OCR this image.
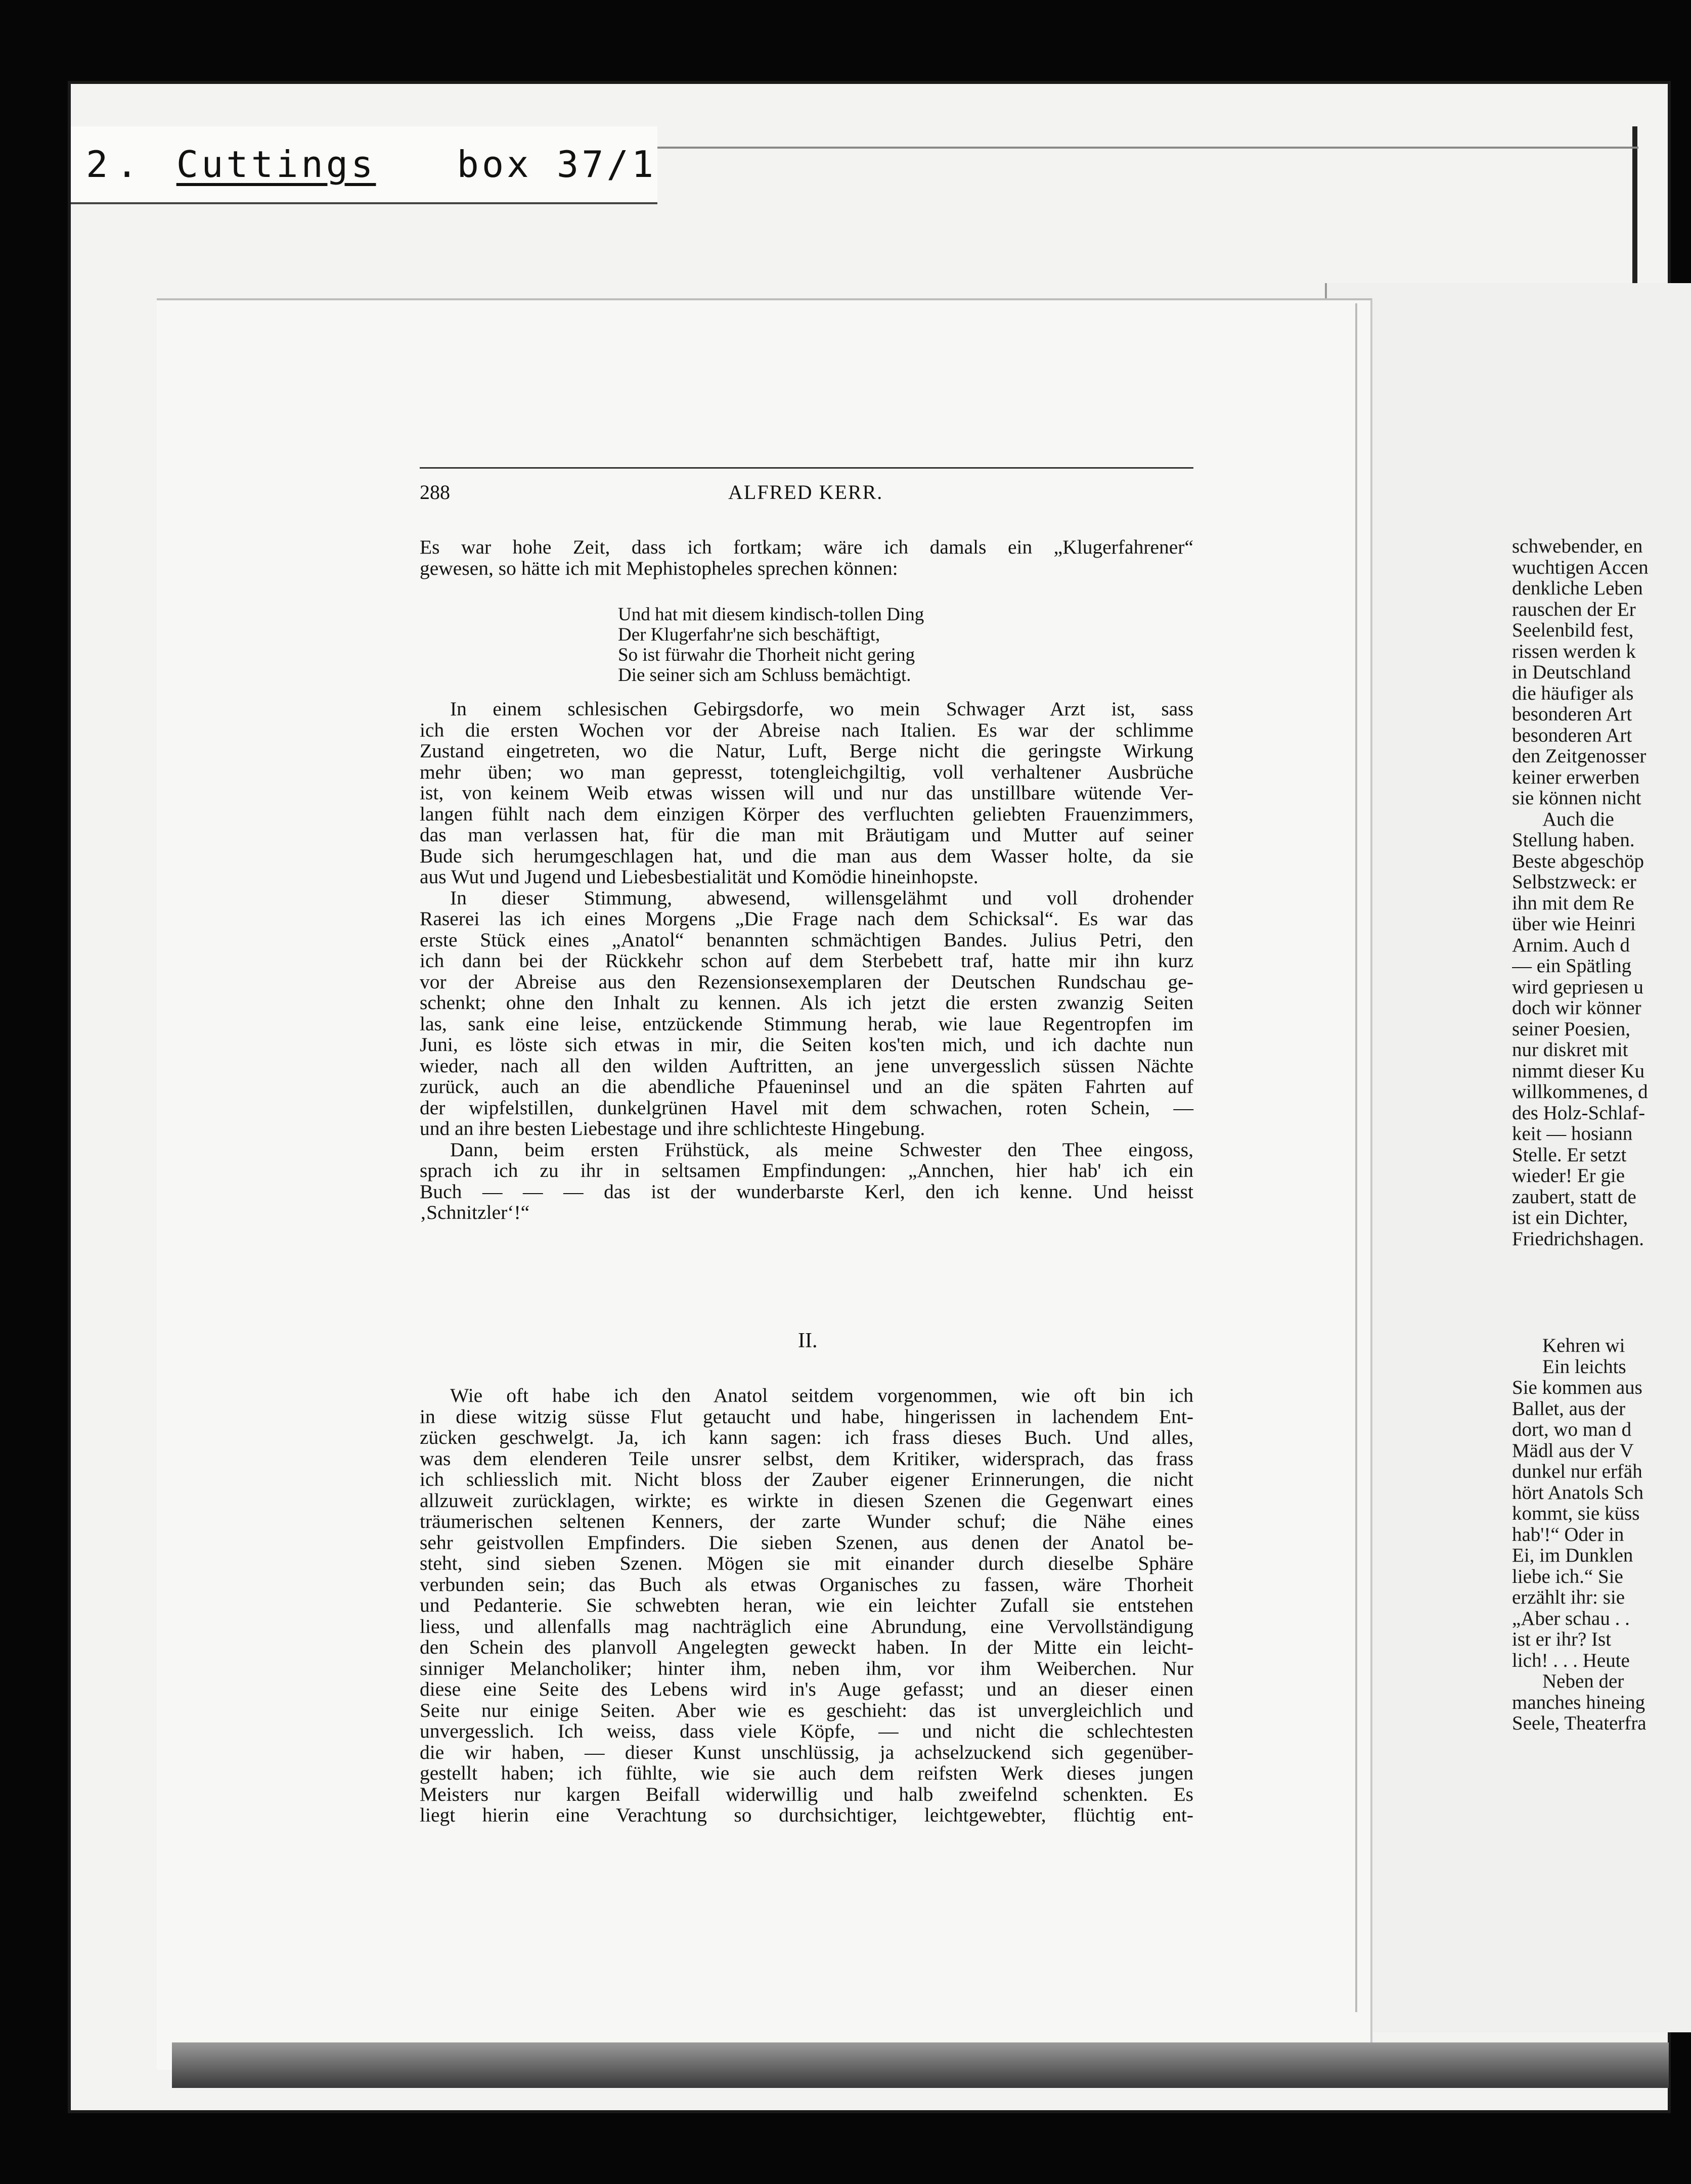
2 . Cuttings box 37/1
schwebender, en
wuchtigen Accen
denkliche Leben
rauschen der Er
Seelenbild fest,
rissen werden k
in Deutschland
die häufiger als
besonderen Art
besonderen Art
den Zeitgenosser
keiner erwerben
sie können nicht
Auch die
Stellung haben.
Beste abgeschöp
Selbstzweck: er
ihn mit dem Re
über wie Heinri
Arnim. Auch d
— ein Spätling
wird gepriesen u
doch wir könner
seiner Poesien,
nur diskret mit
nimmt dieser Ku
willkommenes, d
des Holz-Schlaf-
keit — hosiann
Stelle. Er setzt
wieder! Er gie
zaubert, statt de
ist ein Dichter,
Friedrichshagen.
Kehren wi
Ein leichts
Sie kommen aus
Ballet, aus der
dort, wo man d
Mädl aus der V
dunkel nur erfäh
hört Anatols Sch
kommt, sie küss
hab'!“ Oder in
Ei, im Dunklen
liebe ich.“ Sie
erzählt ihr: sie
„Aber schau . .
ist er ihr? Ist
lich! . . . Heute
Neben der
manches hineing
Seele, Theaterfra
288	ALFRED KERR.
Es war hohe Zeit, dass ich fortkam; wäre ich damals ein „Klugerfahrener“
gewesen, so hätte ich mit Mephistopheles sprechen können:
Und hat mit diesem kindisch-tollen Ding
Der Klugerfahr'ne sich beschäftigt,
So ist fürwahr die Thorheit nicht gering
Die seiner sich am Schluss bemächtigt.
In einem schlesischen Gebirgsdorfe, wo mein Schwager Arzt ist, sass
ich die ersten Wochen vor der Abreise nach Italien. Es war der schlimme
Zustand eingetreten, wo die Natur, Luft, Berge nicht die geringste Wirkung
mehr üben; wo man gepresst, totengleichgiltig, voll verhaltener Ausbrüche
ist, von keinem Weib etwas wissen will und nur das unstillbare wütende Ver-
langen fühlt nach dem einzigen Körper des verfluchten geliebten Frauenzimmers,
das man verlassen hat, für die man mit Bräutigam und Mutter auf seiner
Bude sich herumgeschlagen hat, und die man aus dem Wasser holte, da sie
aus Wut und Jugend und Liebesbestialität und Komödie hineinhopste.
In dieser Stimmung, abwesend, willensgelähmt und voll drohender
Raserei las ich eines Morgens „Die Frage nach dem Schicksal“. Es war das
erste Stück eines „Anatol“ benannten schmächtigen Bandes. Julius Petri, den
ich dann bei der Rückkehr schon auf dem Sterbebett traf, hatte mir ihn kurz
vor der Abreise aus den Rezensionsexemplaren der Deutschen Rundschau ge-
schenkt; ohne den Inhalt zu kennen. Als ich jetzt die ersten zwanzig Seiten
las, sank eine leise, entzückende Stimmung herab, wie laue Regentropfen im
Juni, es löste sich etwas in mir, die Seiten kos'ten mich, und ich dachte nun
wieder, nach all den wilden Auftritten, an jene unvergesslich süssen Nächte
zurück, auch an die abendliche Pfaueninsel und an die späten Fahrten auf
der wipfelstillen, dunkelgrünen Havel mit dem schwachen, roten Schein, —
und an ihre besten Liebestage und ihre schlichteste Hingebung.
Dann, beim ersten Frühstück, als meine Schwester den Thee eingoss,
sprach ich zu ihr in seltsamen Empfindungen: „Annchen, hier hab' ich ein
Buch — — — das ist der wunderbarste Kerl, den ich kenne. Und heisst
‚Schnitzler‘!“
II.
Wie oft habe ich den Anatol seitdem vorgenommen, wie oft bin ich
in diese witzig süsse Flut getaucht und habe, hingerissen in lachendem Ent-
zücken geschwelgt. Ja, ich kann sagen: ich frass dieses Buch. Und alles,
was dem elenderen Teile unsrer selbst, dem Kritiker, widersprach, das frass
ich schliesslich mit. Nicht bloss der Zauber eigener Erinnerungen, die nicht
allzuweit zurücklagen, wirkte; es wirkte in diesen Szenen die Gegenwart eines
träumerischen seltenen Kenners, der zarte Wunder schuf; die Nähe eines
sehr geistvollen Empfinders. Die sieben Szenen, aus denen der Anatol be-
steht, sind sieben Szenen. Mögen sie mit einander durch dieselbe Sphäre
verbunden sein; das Buch als etwas Organisches zu fassen, wäre Thorheit
und Pedanterie. Sie schwebten heran, wie ein leichter Zufall sie entstehen
liess, und allenfalls mag nachträglich eine Abrundung, eine Vervollständigung
den Schein des planvoll Angelegten geweckt haben. In der Mitte ein leicht-
sinniger Melancholiker; hinter ihm, neben ihm, vor ihm Weiberchen. Nur
diese eine Seite des Lebens wird in's Auge gefasst; und an dieser einen
Seite nur einige Seiten. Aber wie es geschieht: das ist unvergleichlich und
unvergesslich. Ich weiss, dass viele Köpfe, — und nicht die schlechtesten
die wir haben, — dieser Kunst unschlüssig, ja achselzuckend sich gegenüber-
gestellt haben; ich fühlte, wie sie auch dem reifsten Werk dieses jungen
Meisters nur kargen Beifall widerwillig und halb zweifelnd schenkten. Es
liegt hierin eine Verachtung so durchsichtiger, leichtgewebter, flüchtig ent-
